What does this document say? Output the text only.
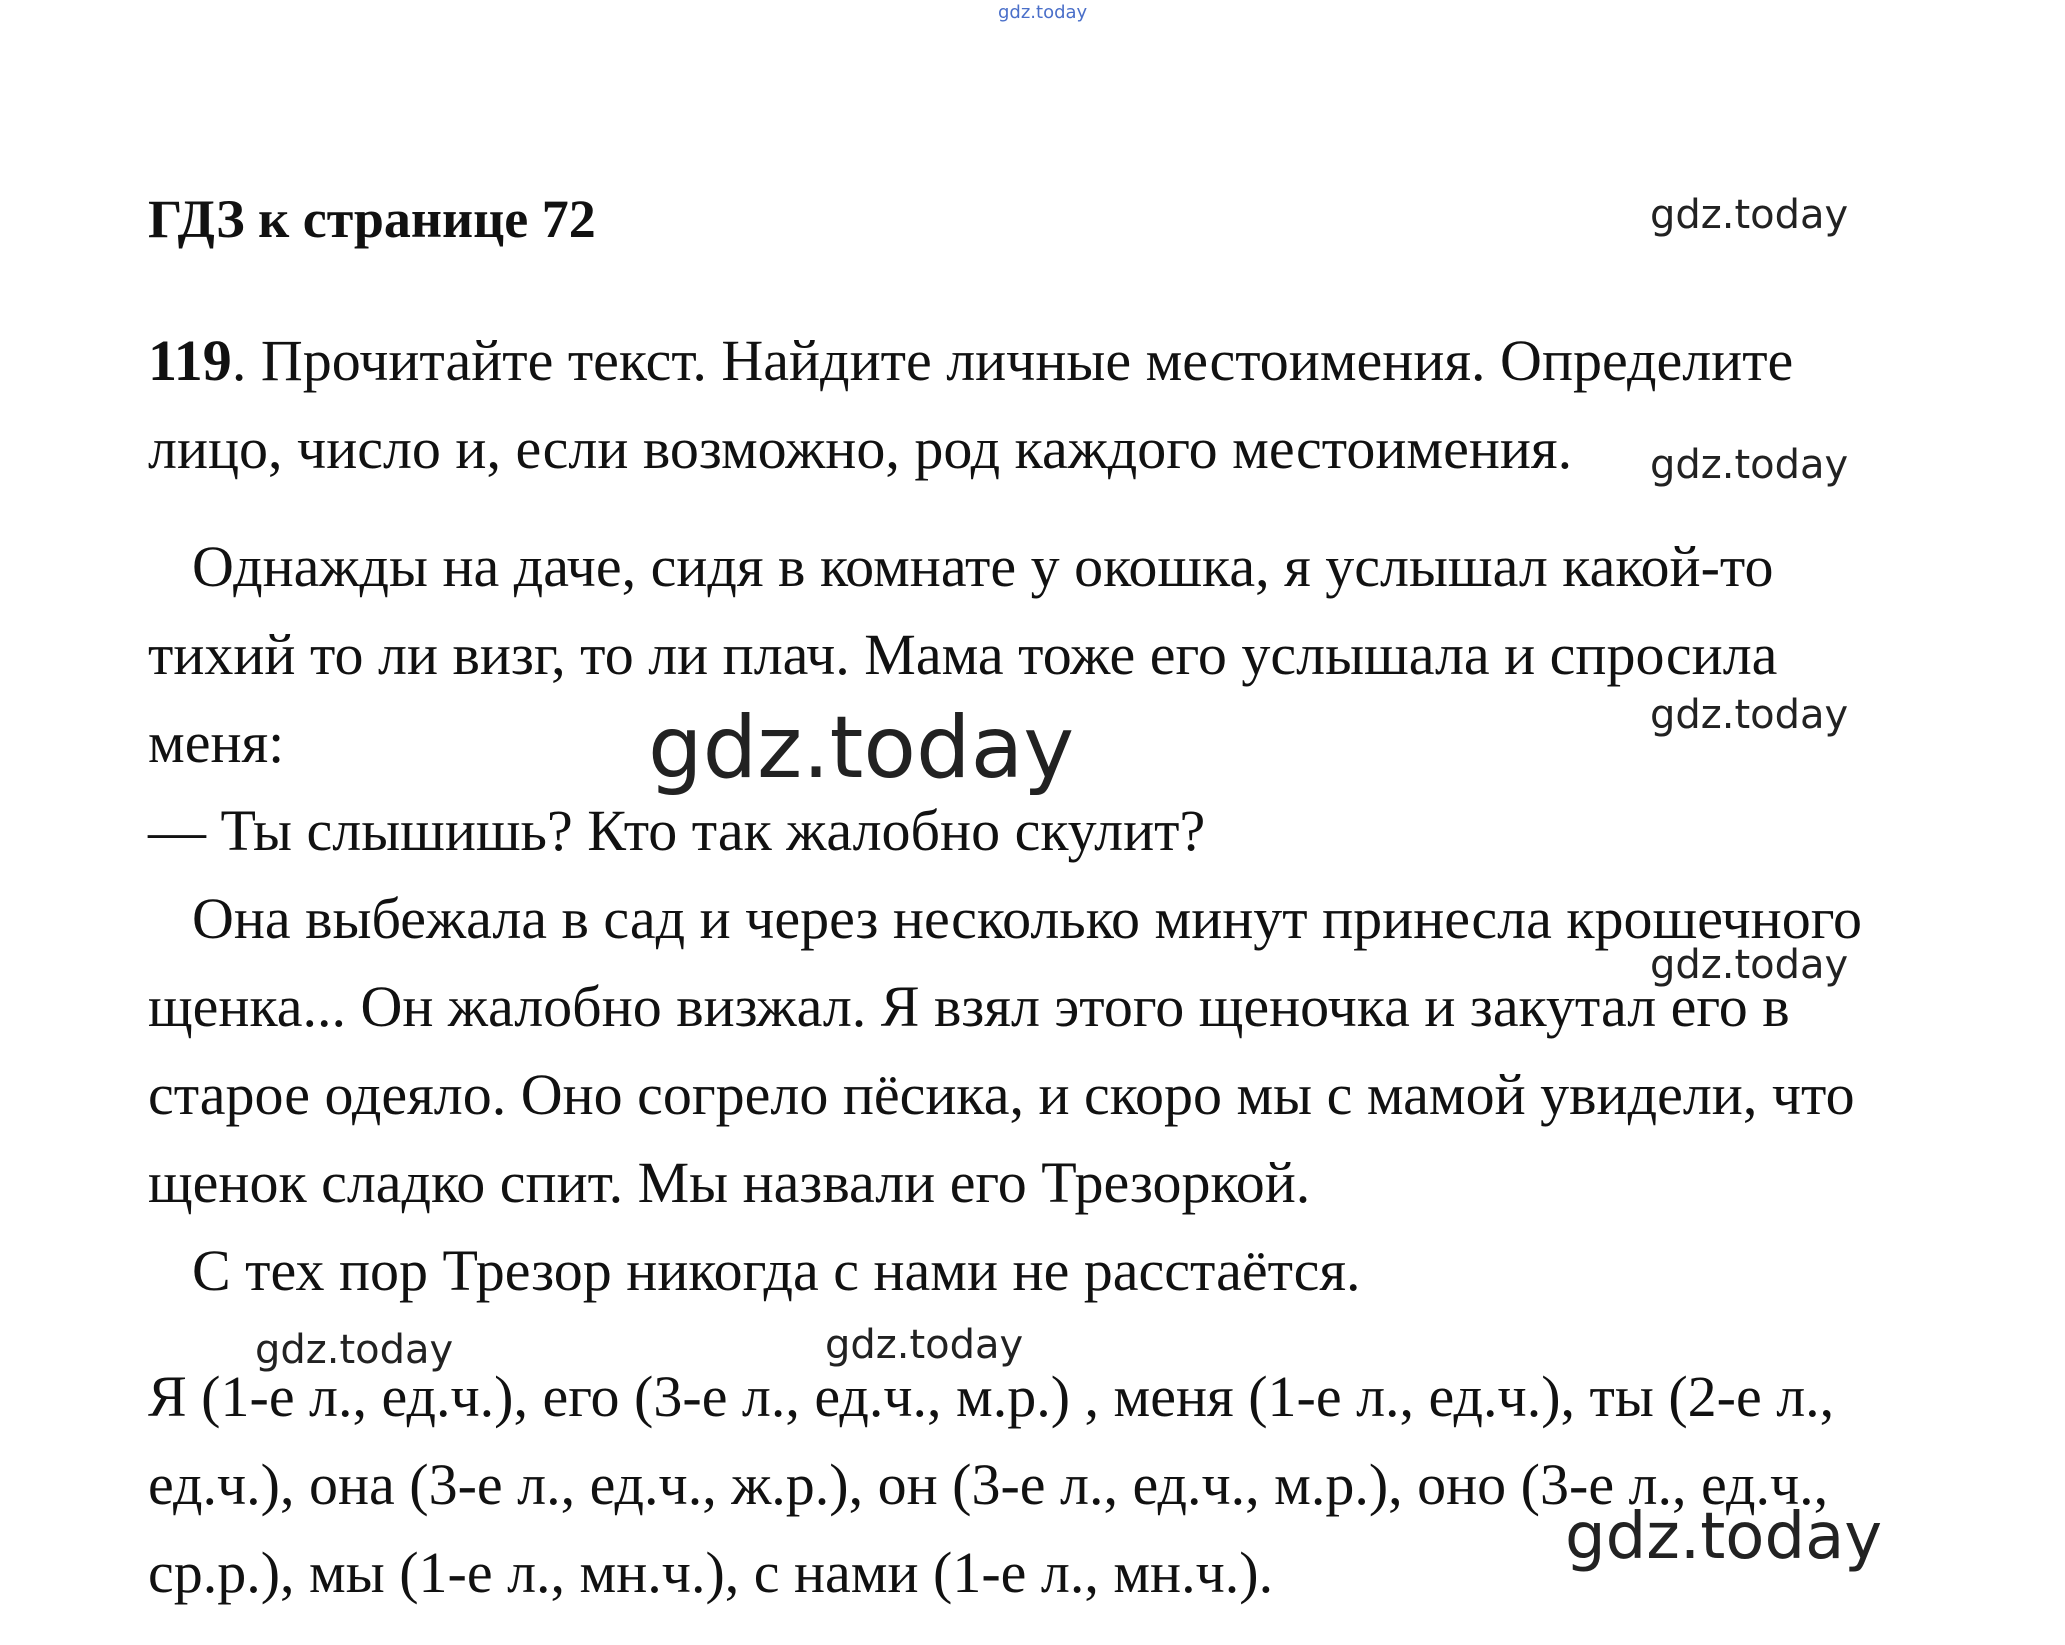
gdz.today
gdz.today
gdz.today
gdz.today	gdz.today
gdz.today
ГДЗ к странице 72
119. Прочитайте текст. Найдите личные местоимения. Определите
лицо, число и, если возможно, род каждого местоимения.
Однажды на даче, сидя в комнате у окошка, я услышал какой-то
тихий то ли визг, то ли плач. Мама тоже его услышала и спросила
меня:
— Ты слышишь? Кто так жалобно скулит?
Она выбежала в сад и через несколько минут принесла крошечного
щенка... Он жалобно визжал. Я взял этого щеночка и закутал его в
старое одеяло. Оно согрело пёсика, и скоро мы с мамой увидели, что
щенок сладко спит. Мы назвали его Трезоркой.
С тех пор Трезор никогда с нами не расстаётся.
gdz.today	gdz.today
Я (1-е л., ед.ч.), его (3-е л., ед.ч., м.р.) , меня (1-е л., ед.ч.), ты (2-е л.,
ед.ч.), она (3-е л., ед.ч., ж.р.), он (3-е л., ед.ч., м.р.), оно (3-е л., ед.ч.,
ср.р.), мы (1-е л., мн.ч.), с нами (1-е л., мн.ч.).	gdz.today
